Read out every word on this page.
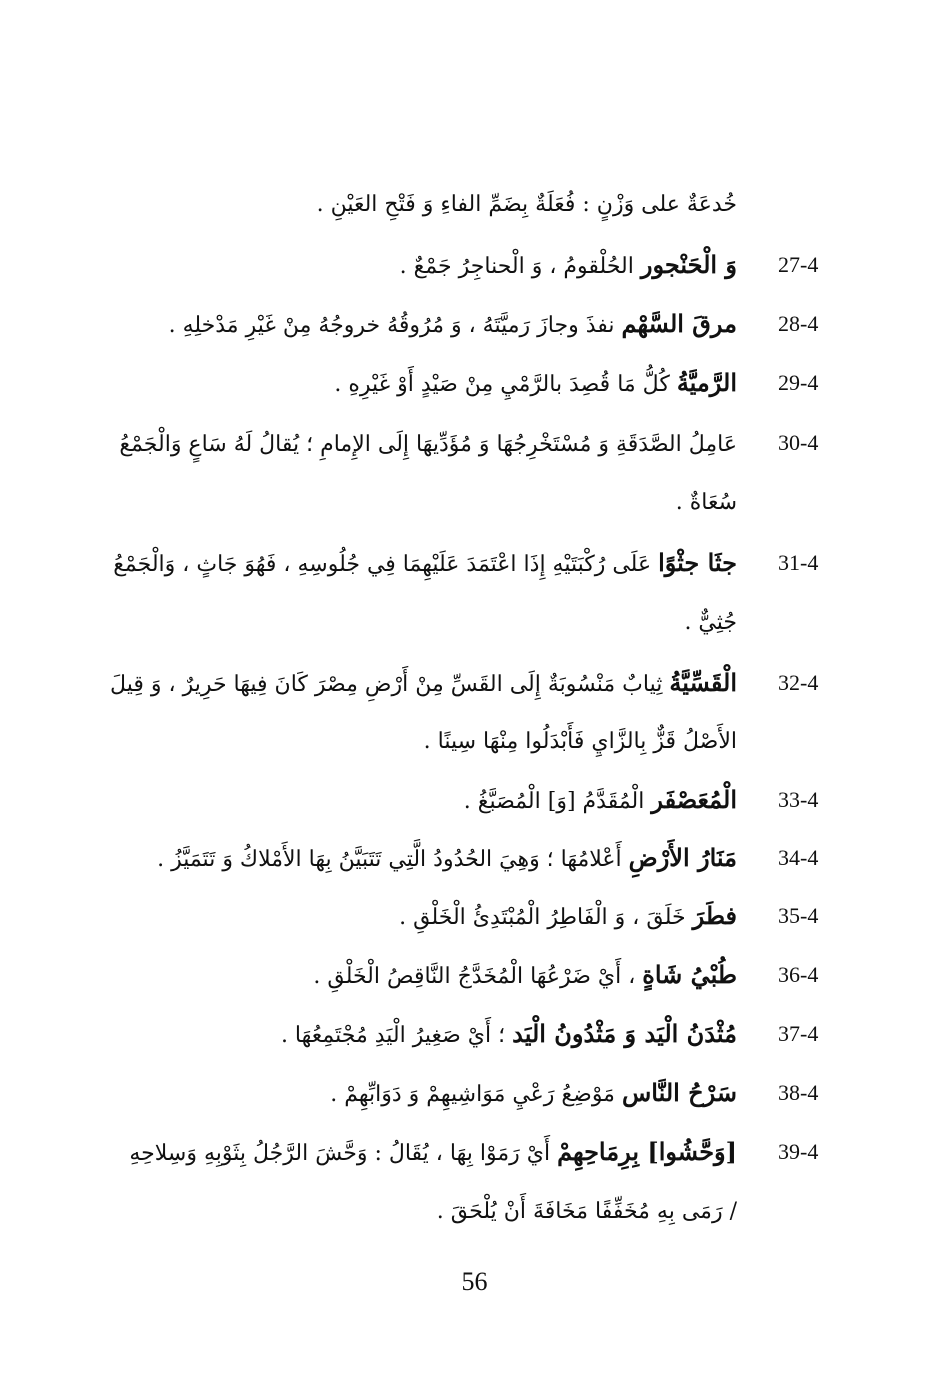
خُدعَةٌ على وَزْنٍ : فُعَلَةٌ بِضَمِّ الفاءِ وَ فَتْحِ العَيْنِ .
27-4
وَ الْحَنْجور الحُلْقومُ ، وَ الْحناجِرُ جَمْعٌ .
28-4
مرقَ السَّهْم نفذَ وجازَ رَميَّتَهُ ، وَ مُرُوقُهُ خروجُهُ مِنْ غَيْرِ مَدْخلِهِ .
29-4
الرَّميَّةُ كُلُّ مَا قُصِدَ بالرَّمْيِ مِنْ صَيْدٍ أَوْ غَيْرِهِ .
30-4
عَامِلُ الصَّدَقَةِ وَ مُسْتَخْرِجُهَا وَ مُؤَدِّيهَا إِلَى الإِمامِ ؛ يُقالُ لَهُ سَاعٍ وَالْجَمْعُ
سُعَاةٌ .
31-4
جثَا جثْوًا عَلَى رُكْبَتَيْهِ إِذَا اعْتَمَدَ عَلَيْهِمَا فِي جُلُوسِهِ ، فَهُوَ جَاثٍ ، وَالْجَمْعُ
جُثِيٌّ .
32-4
الْقَسِّيَّةُ ثِيابٌ مَنْسُوبَةٌ إِلَى القَسِّ مِنْ أَرْضِ مِصْرَ كَانَ فِيهَا حَرِيرٌ ، وَ قِيلَ
الأَصْلُ قَزٌّ بِالزَّايِ فَأَبْدَلُوا مِنْهَا سِينًا .
33-4
الْمُعَصْفَر الْمُقَدَّمُ [وَ] الْمُصَبَّغُ .
34-4
مَنَارُ الأَرْضِ أَعْلامُهَا ؛ وَهِيَ الحُدُودُ الَّتِي تَتَبَيَّنُ بِهَا الأَمْلاكُ وَ تَتَمَيَّزُ .
35-4
فطَرَ خَلَقَ ، وَ الْفَاطِرُ الْمُبْتَدِئُ الْخَلْقِ .
36-4
طُبْيُ شَاةٍ ، أَيْ ضَرْعُهَا الْمُخَدَّجُ النَّاقِصُ الْخَلْقِ .
37-4
مُثْدَنُ الْيَد وَ مَثْدُونُ الْيَد ؛ أَيْ صَغِيرُ الْيَدِ مُجْتَمِعُهَا .
38-4
سَرْحُ النَّاس مَوْضِعُ رَعْيِ مَوَاشِيهِمْ وَ دَوَابِّهِمْ .
39-4
[وَحَّشُوا] بِرِمَاحِهِمْ أَيْ رَمَوْا بِهَا ، يُقَالُ : وَحَّشَ الرَّجُلُ بِثَوْبِهِ وَسِلاحِهِ
/ رَمَى بِهِ مُخَفِّفًا مَخَافَةَ أَنْ يُلْحَقَ .
56
